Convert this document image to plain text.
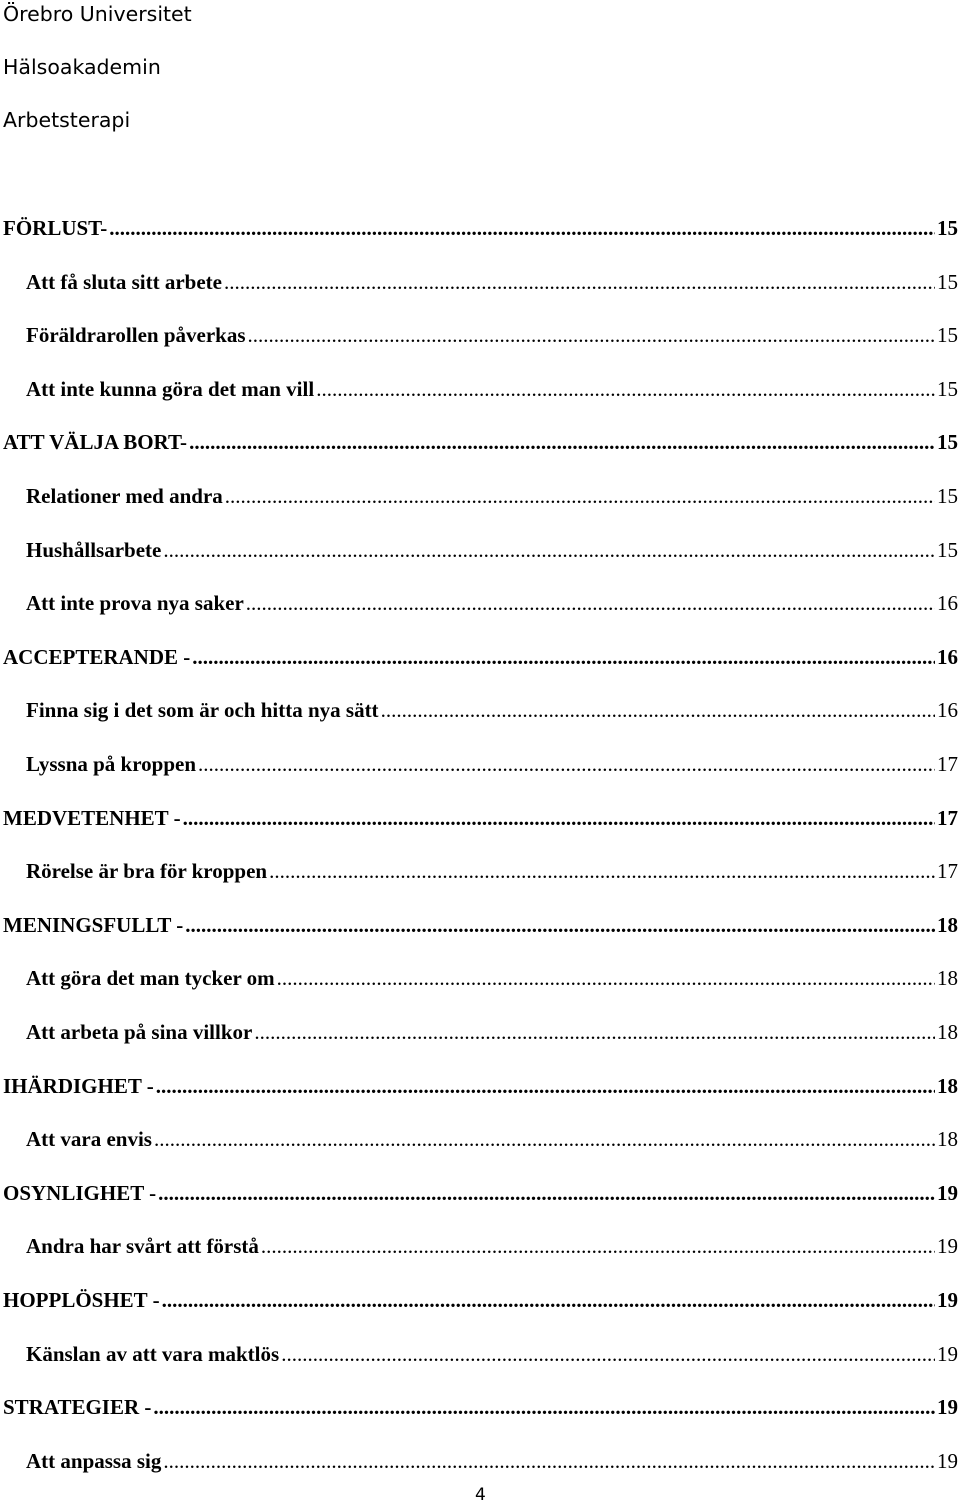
Örebro Universitet
Hälsoakademin
Arbetsterapi
FÖRLUST- .....	15
Att få sluta sitt arbete .....	15
Föräldrarollen påverkas .....	15
Att inte kunna göra det man vill .....	15
ATT VÄLJA BORT- .....	15
Relationer med andra .....	15
Hushållsarbete .....	15
Att inte prova nya saker .....	16
ACCEPTERANDE - .....	16
Finna sig i det som är och hitta nya sätt .....	16
Lyssna på kroppen .....	17
MEDVETENHET - .....	17
Rörelse är bra för kroppen .....	17
MENINGSFULLT - .....	18
Att göra det man tycker om .....	18
Att arbeta på sina villkor .....	18
IHÄRDIGHET - .....	18
Att vara envis .....	18
OSYNLIGHET - .....	19
Andra har svårt att förstå .....	19
HOPPLÖSHET - .....	19
Känslan av att vara maktlös .....	19
STRATEGIER - .....	19
Att anpassa sig .....	19
4
